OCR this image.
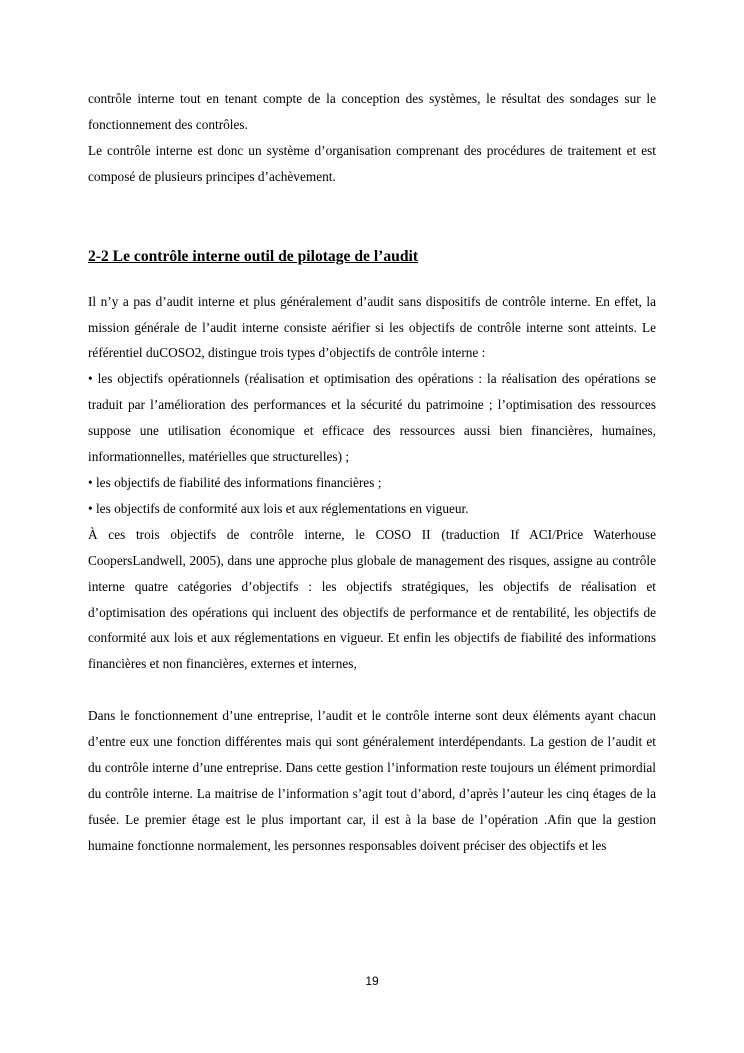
contrôle interne tout en tenant compte de la conception des systèmes, le résultat des sondages sur le fonctionnement des contrôles.

Le contrôle interne est donc un système d’organisation comprenant des procédures de traitement et est composé de plusieurs principes d’achèvement.

2-2 Le contrôle interne outil de pilotage de l’audit

Il n’y a pas d’audit interne et plus généralement d’audit sans dispositifs de contrôle interne. En effet, la mission générale de l’audit interne consiste aérifier si les objectifs de contrôle interne sont atteints. Le référentiel duCOSO2, distingue trois types d’objectifs de contrôle interne :

• les objectifs opérationnels (réalisation et optimisation des opérations : la réalisation des opérations se traduit par l’amélioration des performances et la sécurité du patrimoine ; l’optimisation des ressources suppose une utilisation économique et efficace des ressources aussi bien financières, humaines, informationnelles, matérielles que structurelles) ;

• les objectifs de fiabilité des informations financières ;

• les objectifs de conformité aux lois et aux réglementations en vigueur.

À ces trois objectifs de contrôle interne, le COSO II (traduction If ACI/Price Waterhouse CoopersLandwell, 2005), dans une approche plus globale de management des risques, assigne au contrôle interne quatre catégories d’objectifs : les objectifs stratégiques, les objectifs de réalisation et d’optimisation des opérations qui incluent des objectifs de performance et de rentabilité, les objectifs de conformité aux lois et aux réglementations en vigueur. Et enfin les objectifs de fiabilité des informations financières et non financières, externes et internes,

Dans le fonctionnement d’une entreprise, l’audit et le contrôle interne sont deux éléments ayant chacun d’entre eux une fonction différentes mais qui sont généralement interdépendants. La gestion de l’audit et du contrôle interne d’une entreprise. Dans cette gestion l’information reste toujours un élément primordial du contrôle interne. La maitrise de l’information s’agit tout d’abord, d’après l’auteur les cinq étages de la fusée. Le premier étage est le plus important car, il est à la base de l’opération .Afin que la gestion humaine fonctionne normalement, les personnes responsables doivent préciser des objectifs et les

19
